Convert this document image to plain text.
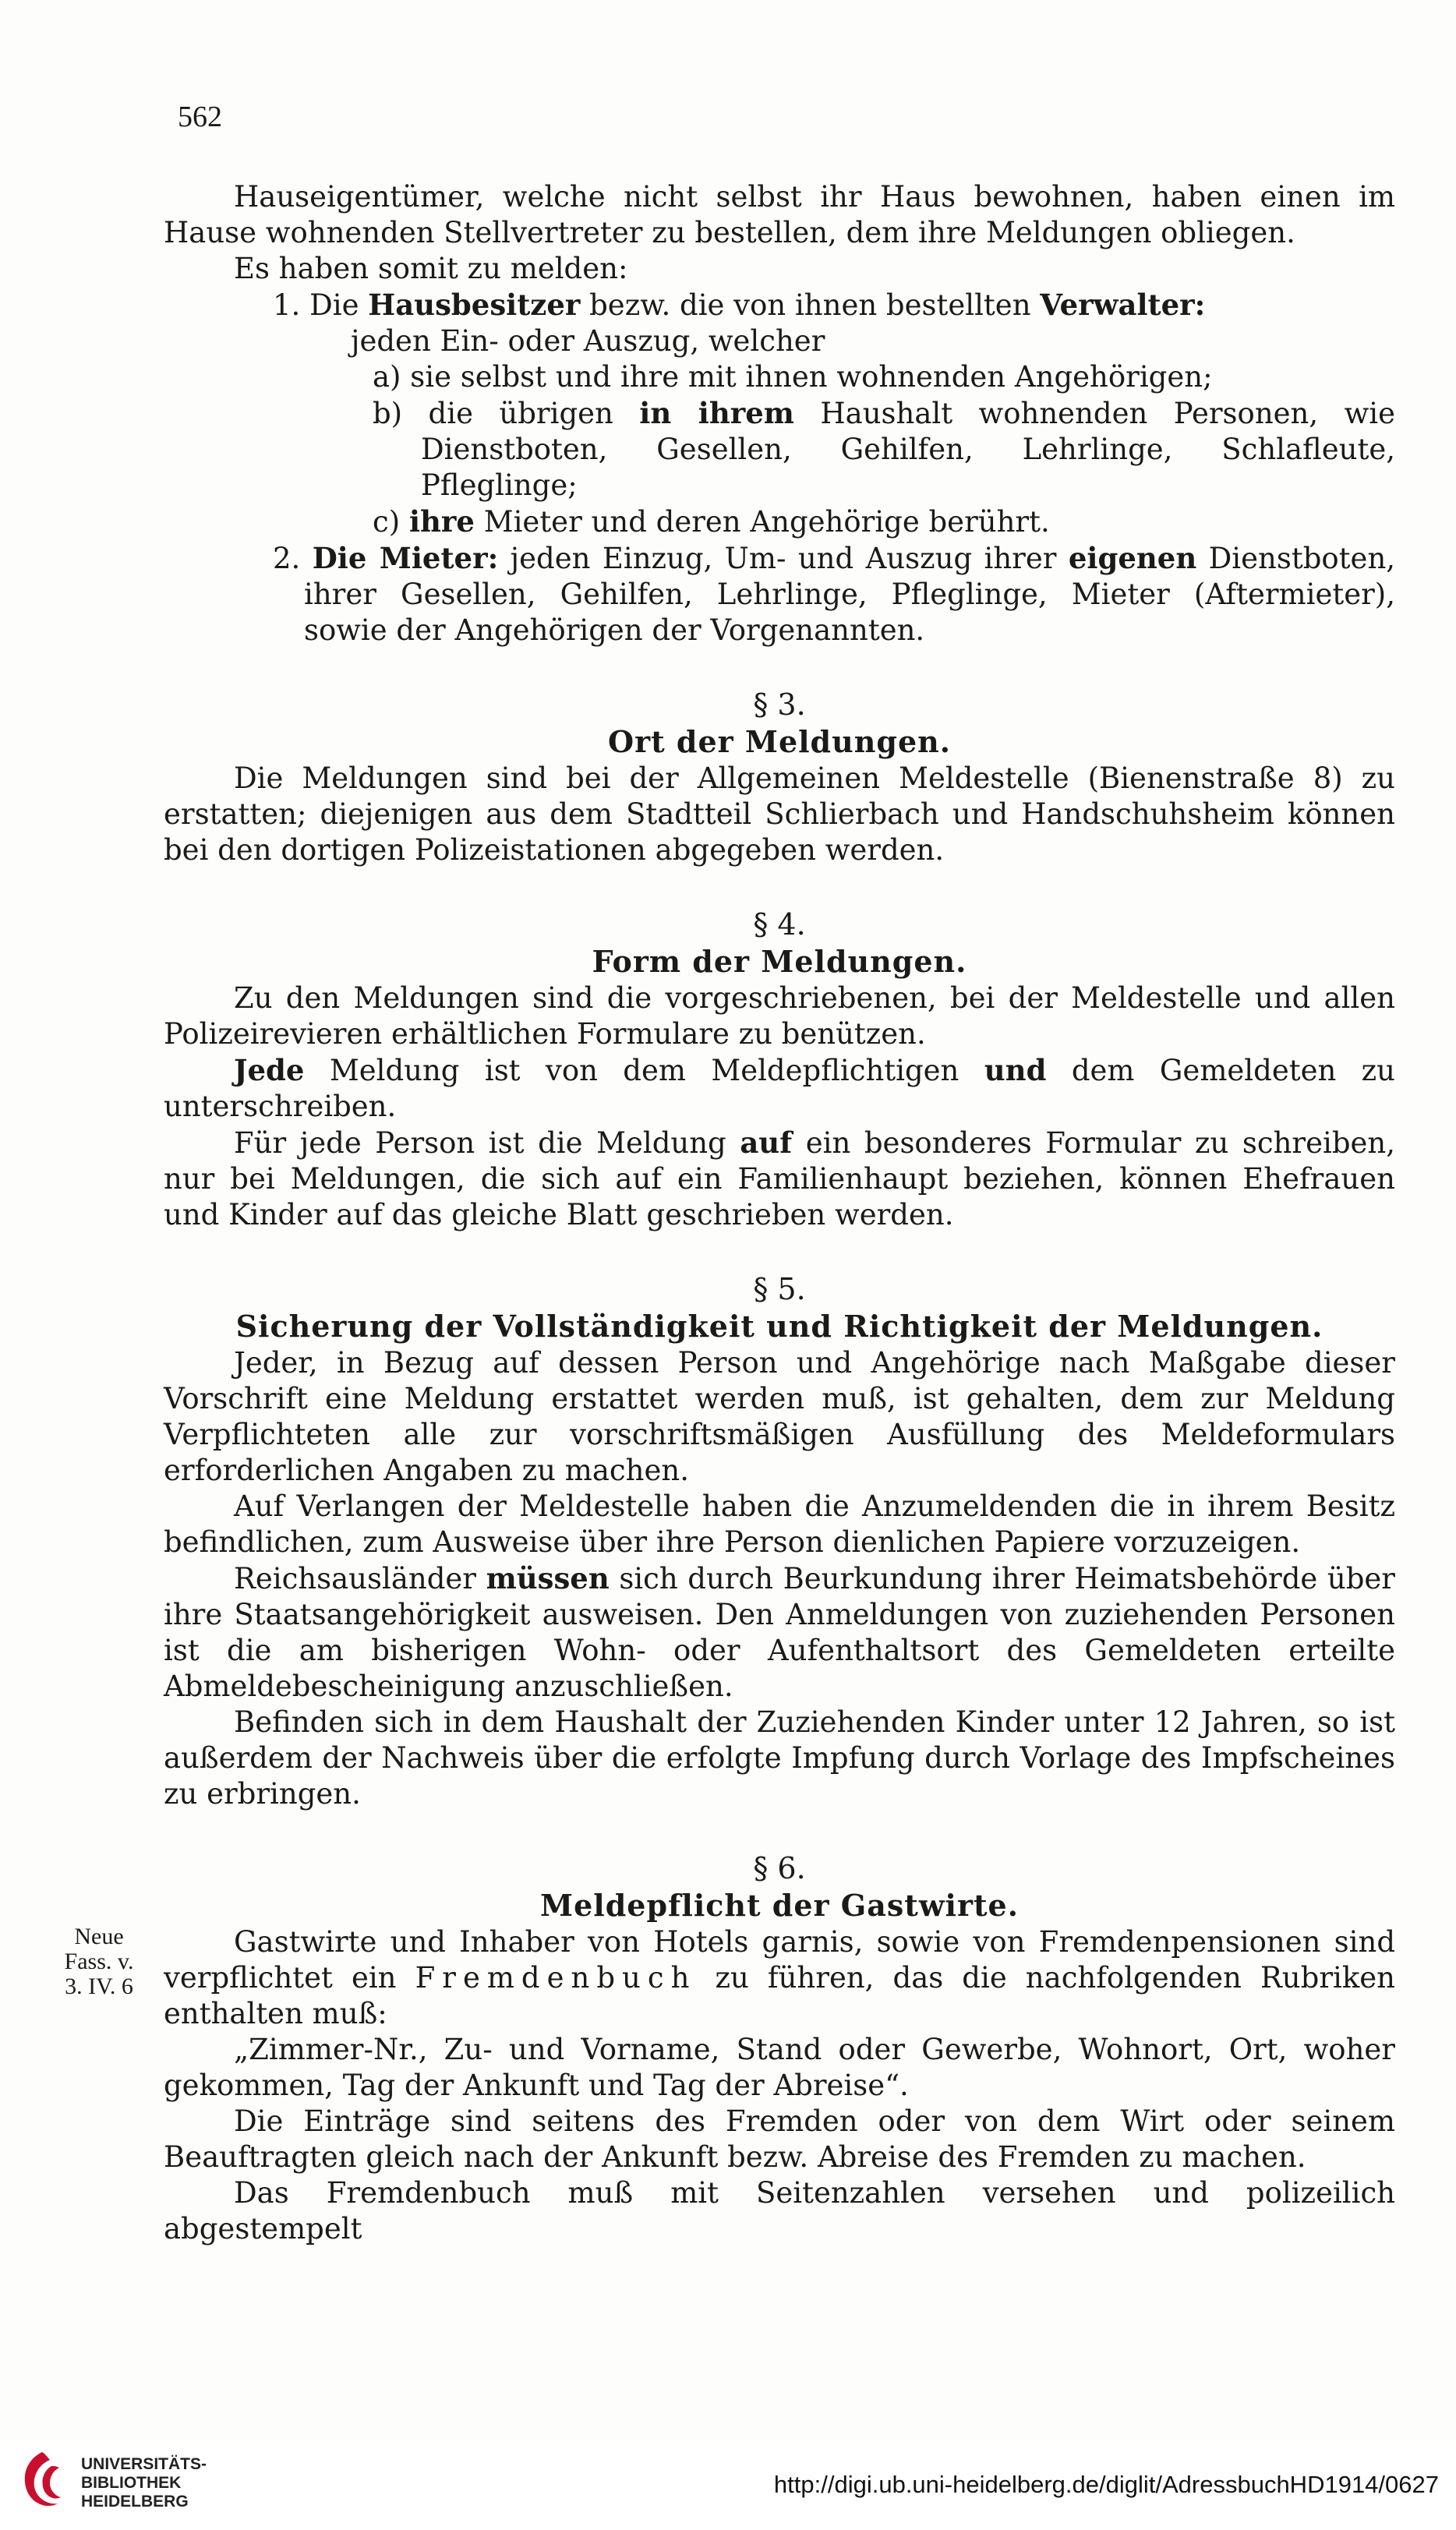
562

Hauseigentümer, welche nicht selbst ihr Haus bewohnen, haben einen im Hause wohnenden Stellvertreter zu bestellen, dem ihre Meldungen obliegen.

Es haben somit zu melden:

1. Die Hausbesitzer bezw. die von ihnen bestellten Verwalter:

jeden Ein- oder Auszug, welcher

a) sie selbst und ihre mit ihnen wohnenden Angehörigen;

b) die übrigen in ihrem Haushalt wohnenden Personen, wie Dienstboten, Gesellen, Gehilfen, Lehrlinge, Schlafleute, Pfleglinge;

c) ihre Mieter und deren Angehörige berührt.

2. Die Mieter: jeden Einzug, Um- und Auszug ihrer eigenen Dienstboten, ihrer Gesellen, Gehilfen, Lehrlinge, Pfleglinge, Mieter (Aftermieter), sowie der Angehörigen der Vorgenannten.

§ 3.
Ort der Meldungen.

Die Meldungen sind bei der Allgemeinen Meldestelle (Bienenstraße 8) zu erstatten; diejenigen aus dem Stadtteil Schlierbach und Handschuhsheim können bei den dortigen Polizeistationen abgegeben werden.

§ 4.
Form der Meldungen.

Zu den Meldungen sind die vorgeschriebenen, bei der Meldestelle und allen Polizeirevieren erhältlichen Formulare zu benützen.

Jede Meldung ist von dem Meldepflichtigen und dem Gemeldeten zu unterschreiben.

Für jede Person ist die Meldung auf ein besonderes Formular zu schreiben, nur bei Meldungen, die sich auf ein Familienhaupt beziehen, können Ehefrauen und Kinder auf das gleiche Blatt geschrieben werden.

§ 5.
Sicherung der Vollständigkeit und Richtigkeit der Meldungen.

Jeder, in Bezug auf dessen Person und Angehörige nach Maßgabe dieser Vorschrift eine Meldung erstattet werden muß, ist gehalten, dem zur Meldung Verpflichteten alle zur vorschriftsmäßigen Ausfüllung des Meldeformulars erforderlichen Angaben zu machen.

Auf Verlangen der Meldestelle haben die Anzumeldenden die in ihrem Besitz befindlichen, zum Ausweise über ihre Person dienlichen Papiere vorzuzeigen.

Reichsausländer müssen sich durch Beurkundung ihrer Heimatsbehörde über ihre Staatsangehörigkeit ausweisen. Den Anmeldungen von zuziehenden Personen ist die am bisherigen Wohn- oder Aufenthaltsort des Gemeldeten erteilte Abmeldebescheinigung anzuschließen.

Befinden sich in dem Haushalt der Zuziehenden Kinder unter 12 Jahren, so ist außerdem der Nachweis über die erfolgte Impfung durch Vorlage des Impfscheines zu erbringen.

§ 6.
Meldepflicht der Gastwirte.

Gastwirte und Inhaber von Hotels garnis, sowie von Fremdenpensionen sind verpflichtet ein Fremdenbuch zu führen, das die nachfolgenden Rubriken enthalten muß:

„Zimmer-Nr., Zu- und Vorname, Stand oder Gewerbe, Wohnort, Ort, woher gekommen, Tag der Ankunft und Tag der Abreise“.

Die Einträge sind seitens des Fremden oder von dem Wirt oder seinem Beauftragten gleich nach der Ankunft bezw. Abreise des Fremden zu machen.

Das Fremdenbuch muß mit Seitenzahlen versehen und polizeilich abgestempelt

Neue
Fass. v.
3. IV. 6
UNIVERSITÄTS-
BIBLIOTHEK
HEIDELBERG
http://digi.ub.uni-heidelberg.de/diglit/AdressbuchHD1914/0627
